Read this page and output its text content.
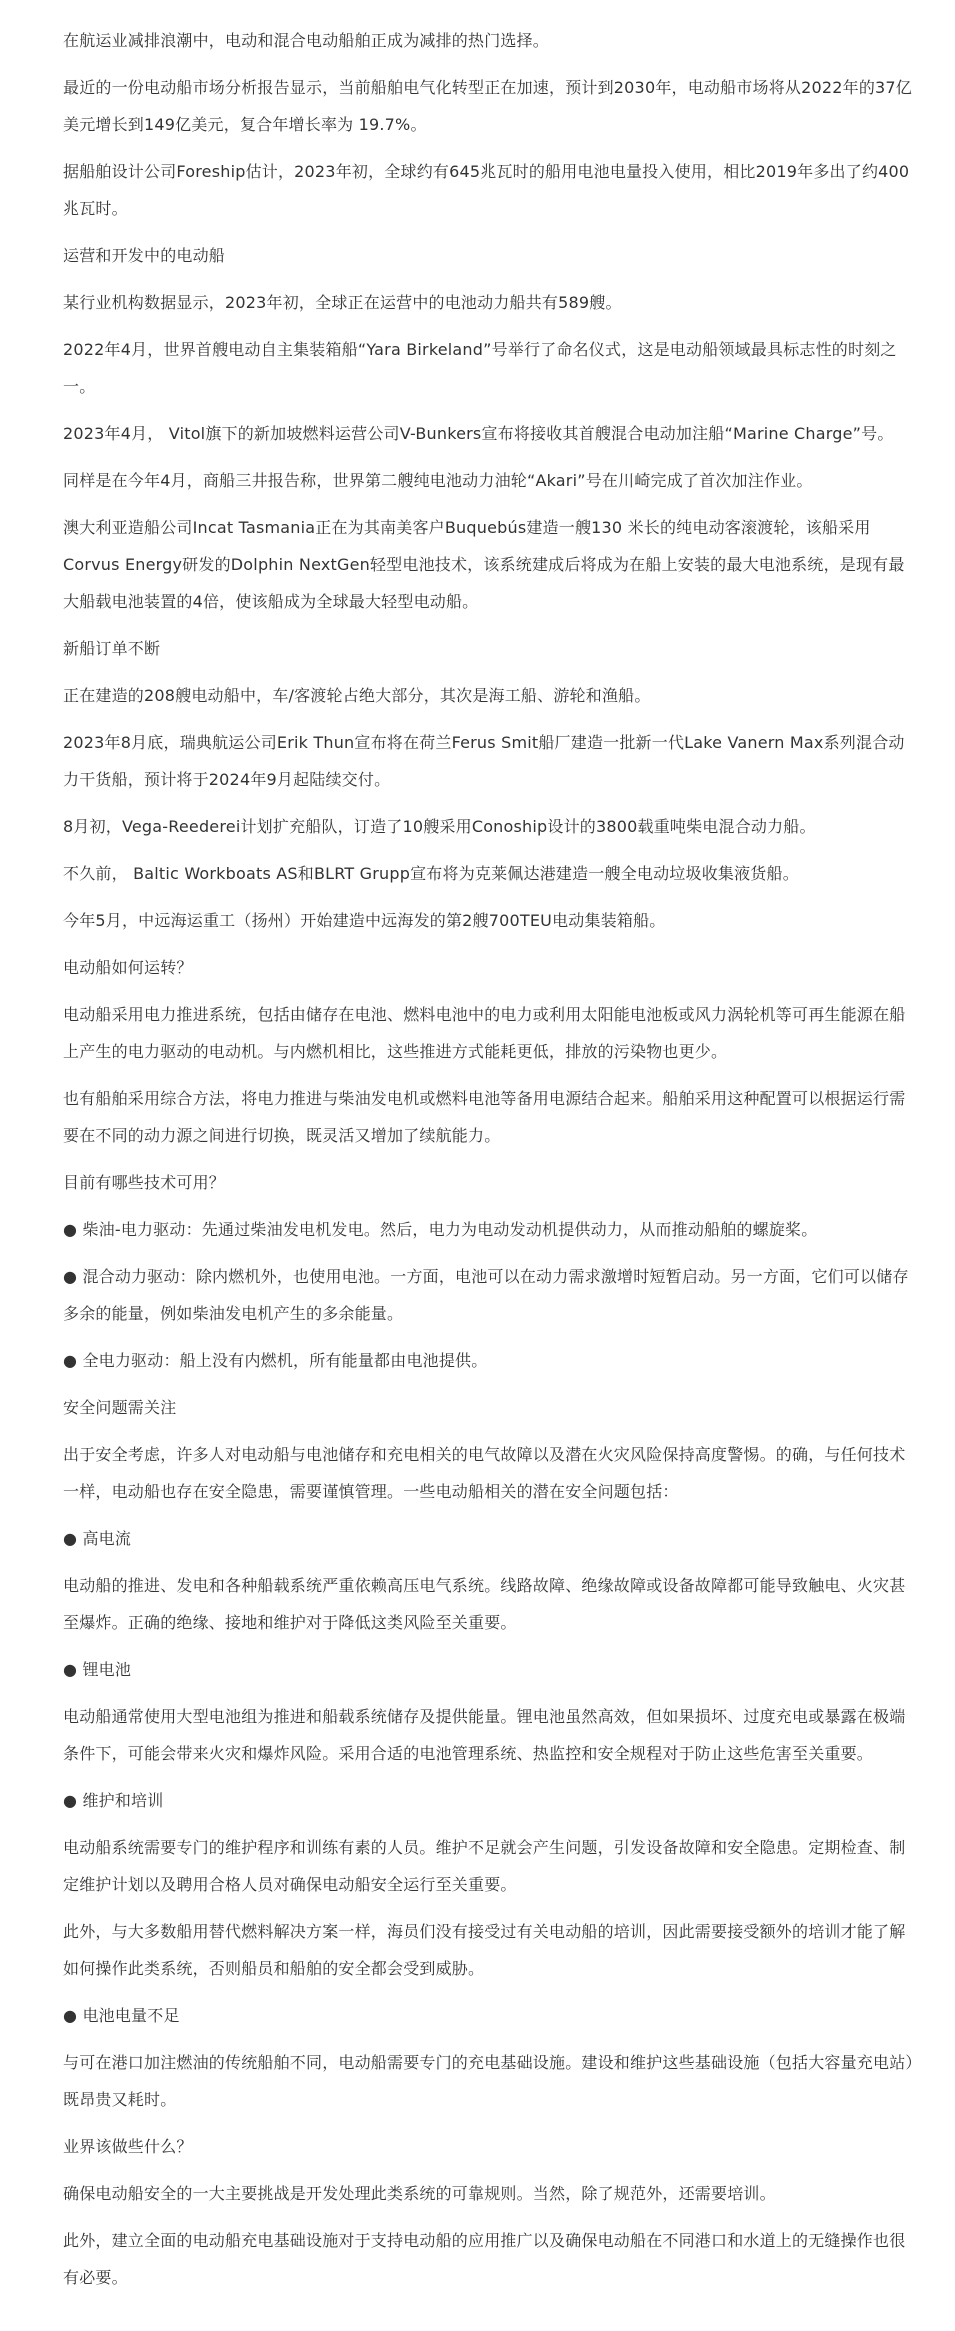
在航运业减排浪潮中，电动和混合电动船舶正成为减排的热门选择。

最近的一份电动船市场分析报告显示，当前船舶电气化转型正在加速，预计到2030年，电动船市场将从2022年的37亿美元增长到149亿美元，复合年增长率为 19.7%。

据船舶设计公司Foreship估计，2023年初，全球约有645兆瓦时的船用电池电量投入使用，相比2019年多出了约400 兆瓦时。

运营和开发中的电动船

某行业机构数据显示，2023年初，全球正在运营中的电池动力船共有589艘。

2022年4月，世界首艘电动自主集装箱船“Yara Birkeland”号举行了命名仪式，这是电动船领域最具标志性的时刻之一。

2023年4月， Vitol旗下的新加坡燃料运营公司V-Bunkers宣布将接收其首艘混合电动加注船“Marine Charge”号。

同样是在今年4月，商船三井报告称，世界第二艘纯电池动力油轮“Akari”号在川崎完成了首次加注作业。

澳大利亚造船公司Incat Tasmania正在为其南美客户Buquebús建造一艘130 米长的纯电动客滚渡轮，该船采用Corvus Energy研发的Dolphin NextGen轻型电池技术，该系统建成后将成为在船上安装的最大电池系统，是现有最大船载电池装置的4倍，使该船成为全球最大轻型电动船。

新船订单不断

正在建造的208艘电动船中，车/客渡轮占绝大部分，其次是海工船、游轮和渔船。

2023年8月底，瑞典航运公司Erik Thun宣布将在荷兰Ferus Smit船厂建造一批新一代Lake Vanern Max系列混合动力干货船，预计将于2024年9月起陆续交付。

8月初，Vega-Reederei计划扩充船队，订造了10艘采用Conoship设计的3800载重吨柴电混合动力船。

不久前， Baltic Workboats AS和BLRT Grupp宣布将为克莱佩达港建造一艘全电动垃圾收集液货船。

今年5月，中远海运重工（扬州）开始建造中远海发的第2艘700TEU电动集装箱船。

电动船如何运转？

电动船采用电力推进系统，包括由储存在电池、燃料电池中的电力或利用太阳能电池板或风力涡轮机等可再生能源在船上产生的电力驱动的电动机。与内燃机相比，这些推进方式能耗更低，排放的污染物也更少。

也有船舶采用综合方法，将电力推进与柴油发电机或燃料电池等备用电源结合起来。船舶采用这种配置可以根据运行需要在不同的动力源之间进行切换，既灵活又增加了续航能力。

目前有哪些技术可用？

● 柴油-电力驱动：先通过柴油发电机发电。然后，电力为电动发动机提供动力，从而推动船舶的螺旋桨。

● 混合动力驱动：除内燃机外，也使用电池。一方面，电池可以在动力需求激增时短暂启动。另一方面，它们可以储存多余的能量，例如柴油发电机产生的多余能量。

● 全电力驱动：船上没有内燃机，所有能量都由电池提供。

安全问题需关注

出于安全考虑，许多人对电动船与电池储存和充电相关的电气故障以及潜在火灾风险保持高度警惕。的确，与任何技术一样，电动船也存在安全隐患，需要谨慎管理。一些电动船相关的潜在安全问题包括：

● 高电流

电动船的推进、发电和各种船载系统严重依赖高压电气系统。线路故障、绝缘故障或设备故障都可能导致触电、火灾甚至爆炸。正确的绝缘、接地和维护对于降低这类风险至关重要。

● 锂电池

电动船通常使用大型电池组为推进和船载系统储存及提供能量。锂电池虽然高效，但如果损坏、过度充电或暴露在极端条件下，可能会带来火灾和爆炸风险。采用合适的电池管理系统、热监控和安全规程对于防止这些危害至关重要。

● 维护和培训

电动船系统需要专门的维护程序和训练有素的人员。维护不足就会产生问题，引发设备故障和安全隐患。定期检查、制定维护计划以及聘用合格人员对确保电动船安全运行至关重要。

此外，与大多数船用替代燃料解决方案一样，海员们没有接受过有关电动船的培训，因此需要接受额外的培训才能了解如何操作此类系统，否则船员和船舶的安全都会受到威胁。

● 电池电量不足

与可在港口加注燃油的传统船舶不同，电动船需要专门的充电基础设施。建设和维护这些基础设施（包括大容量充电站）既昂贵又耗时。

业界该做些什么？

确保电动船安全的一大主要挑战是开发处理此类系统的可靠规则。当然，除了规范外，还需要培训。

此外，建立全面的电动船充电基础设施对于支持电动船的应用推广以及确保电动船在不同港口和水道上的无缝操作也很有必要。
